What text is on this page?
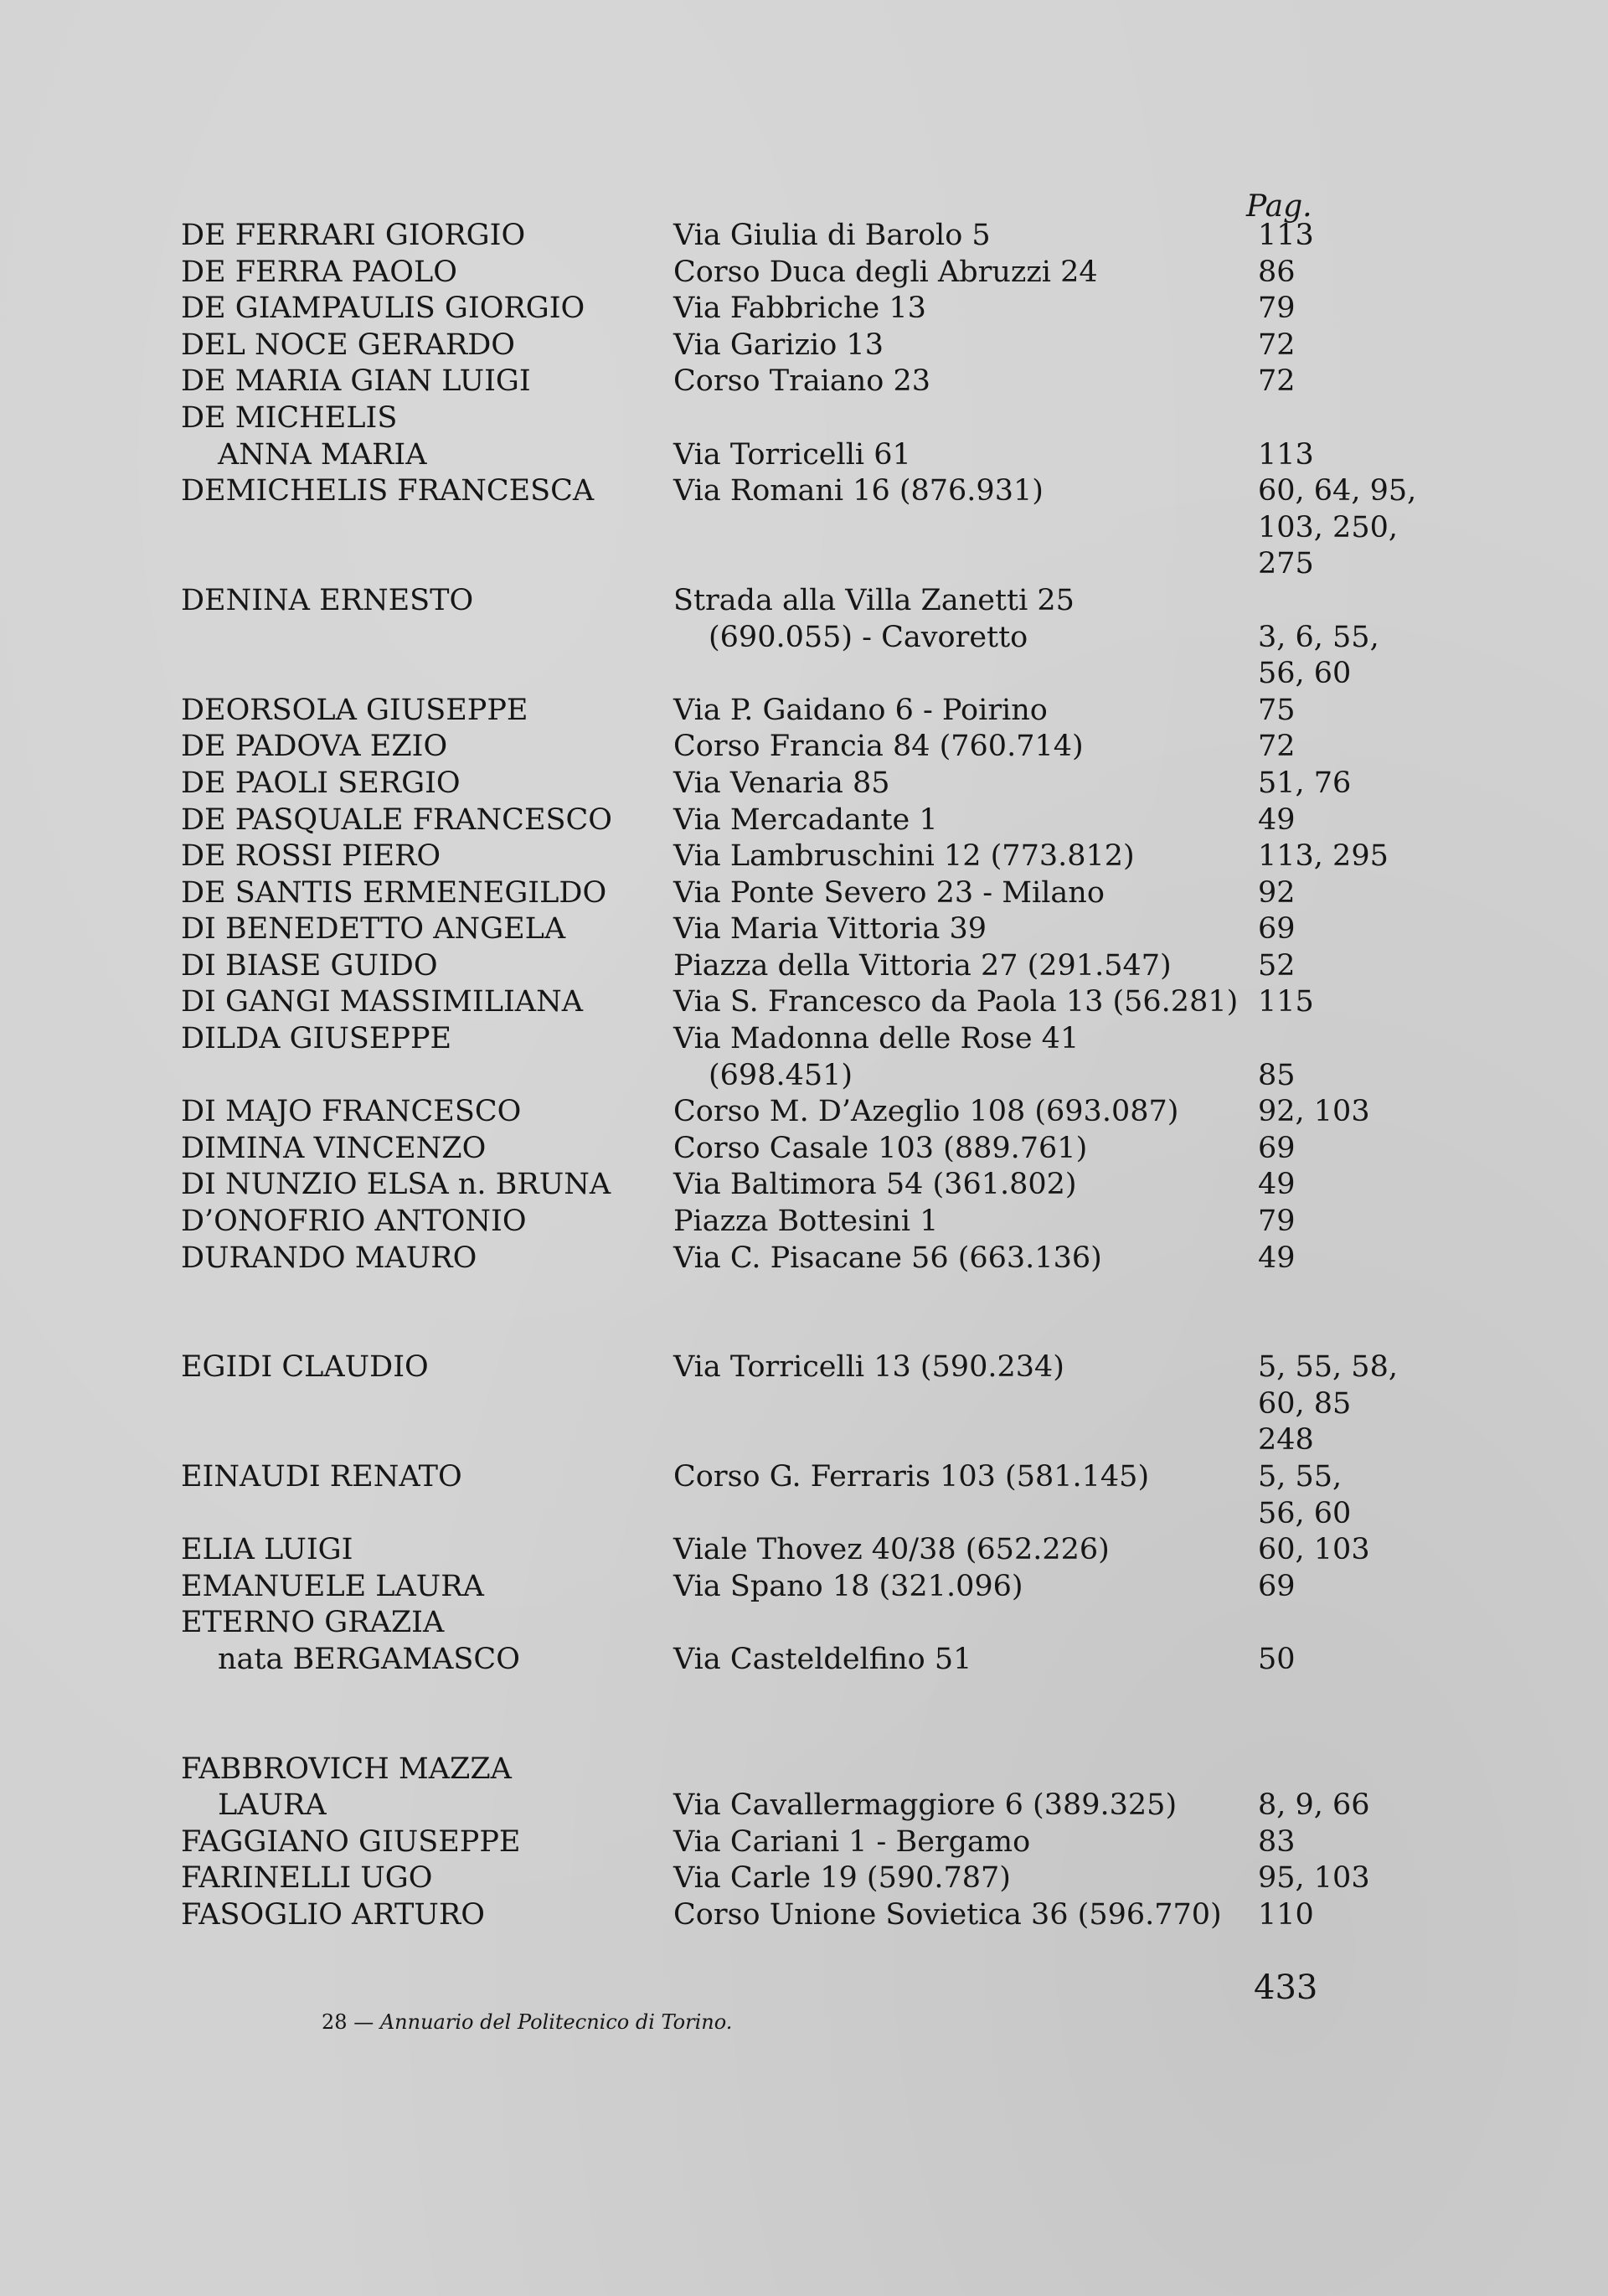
Pag.
DE FERRARI GIORGIO	Via Giulia di Barolo 5	113
DE FERRA PAOLO	Corso Duca degli Abruzzi 24	86
DE GIAMPAULIS GIORGIO	Via Fabbriche 13	79
DEL NOCE GERARDO	Via Garizio 13	72
DE MARIA GIAN LUIGI	Corso Traiano 23	72
DE MICHELIS
ANNA MARIA	Via Torricelli 61	113
DEMICHELIS FRANCESCA	Via Romani 16 (876.931)	60, 64, 95,
103, 250,
275
DENINA ERNESTO	Strada alla Villa Zanetti 25
(690.055) - Cavoretto	3, 6, 55,
56, 60
DEORSOLA GIUSEPPE	Via P. Gaidano 6 - Poirino	75
DE PADOVA EZIO	Corso Francia 84 (760.714)	72
DE PAOLI SERGIO	Via Venaria 85	51, 76
DE PASQUALE FRANCESCO	Via Mercadante 1	49
DE ROSSI PIERO	Via Lambruschini 12 (773.812)	113, 295
DE SANTIS ERMENEGILDO	Via Ponte Severo 23 - Milano	92
DI BENEDETTO ANGELA	Via Maria Vittoria 39	69
DI BIASE GUIDO	Piazza della Vittoria 27 (291.547)	52
DI GANGI MASSIMILIANA	Via S. Francesco da Paola 13 (56.281) 115
DILDA GIUSEPPE	Via Madonna delle Rose 41
(698.451)	85
DI MAJO FRANCESCO	Corso M. D’Azeglio 108 (693.087)	92, 103
DIMINA VINCENZO	Corso Casale 103 (889.761)	69
DI NUNZIO ELSA n. BRUNA	Via Baltimora 54 (361.802)	49
D’ONOFRIO ANTONIO	Piazza Bottesini 1	79
DURANDO MAURO	Via C. Pisacane 56 (663.136)	49
EGIDI CLAUDIO	Via Torricelli 13 (590.234)	5, 55, 58,
60, 85
248
EINAUDI RENATO	Corso G. Ferraris 103 (581.145)	5, 55,
56, 60
ELIA LUIGI	Viale Thovez 40/38 (652.226)	60, 103
EMANUELE LAURA	Via Spano 18 (321.096)	69
ETERNO GRAZIA
nata BERGAMASCO	Via Casteldelfino 51	50
FABBROVICH MAZZA
LAURA	Via Cavallermaggiore 6 (389.325)	8, 9, 66
FAGGIANO GIUSEPPE	Via Cariani 1 - Bergamo	83
FARINELLI UGO	Via Carle 19 (590.787)	95, 103
FASOGLIO ARTURO	Corso Unione Sovietica 36 (596.770)	110
433
28 — Annuario del Politecnico di Torino.
